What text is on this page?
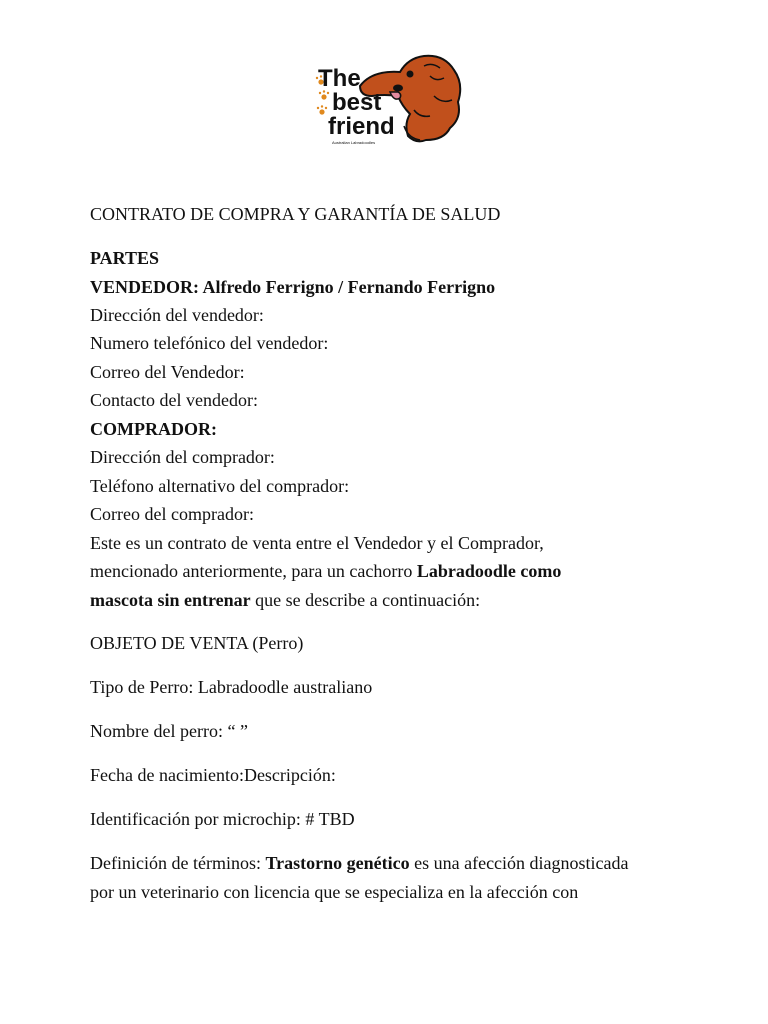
The
best
friend
Australian Labradoodles
CONTRATO DE COMPRA Y GARANTÍA DE SALUD
PARTES
VENDEDOR: Alfredo Ferrigno / Fernando Ferrigno
Dirección del vendedor:
Numero telefónico del vendedor:
Correo del Vendedor:
Contacto del vendedor:
COMPRADOR:
Dirección del comprador:
Teléfono alternativo del comprador:
Correo del comprador:
Este es un contrato de venta entre el Vendedor y el Comprador,
mencionado anteriormente, para un cachorro Labradoodle como
mascota sin entrenar que se describe a continuación:
OBJETO DE VENTA (Perro)
Tipo de Perro: Labradoodle australiano
Nombre del perro: “ ”
Fecha de nacimiento:Descripción:
Identificación por microchip: # TBD
Definición de términos: Trastorno genético es una afección diagnosticada
por un veterinario con licencia que se especializa en la afección con
